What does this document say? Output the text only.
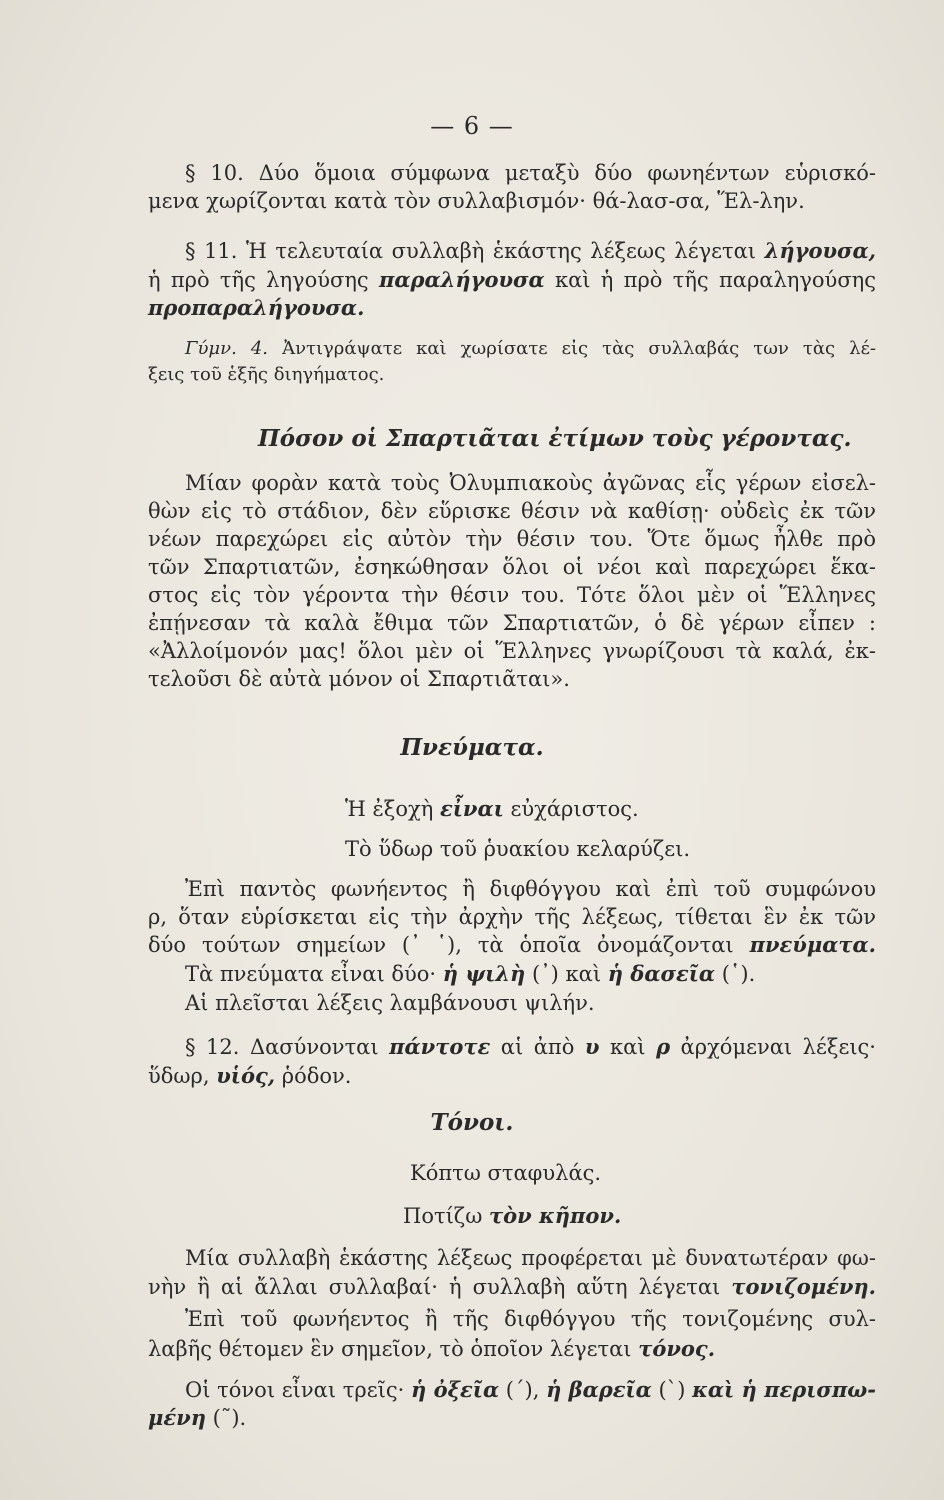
— 6 —
§ 10. Δύο ὅμοια σύμφωνα μεταξὺ δύο φωνηέντων εὑρισκό-
μενα χωρίζονται κατὰ τὸν συλλαβισμόν· θά-λασ-σα, Ἕλ-λην.
§ 11. Ἡ τελευταία συλλαβὴ ἑκάστης λέξεως λέγεται λήγουσα,
ἡ πρὸ τῆς ληγούσης παραλήγουσα καὶ ἡ πρὸ τῆς παραληγούσης
προπαραλήγουσα.
Γύμν. 4. Ἀντιγράψατε καὶ χωρίσατε εἰς τὰς συλλαβάς των τὰς λέ-
ξεις τοῦ ἑξῆς διηγήματος.
Πόσον οἱ Σπαρτιᾶται ἐτίμων τοὺς γέροντας.
Μίαν φορὰν κατὰ τοὺς Ὀλυμπιακοὺς ἀγῶνας εἷς γέρων εἰσελ-
θὼν εἰς τὸ στάδιον, δὲν εὕρισκε θέσιν νὰ καθίσῃ· οὐδεὶς ἐκ τῶν
νέων παρεχώρει εἰς αὐτὸν τὴν θέσιν του. Ὅτε ὅμως ἦλθε πρὸ
τῶν Σπαρτιατῶν, ἐσηκώθησαν ὅλοι οἱ νέοι καὶ παρεχώρει ἕκα-
στος εἰς τὸν γέροντα τὴν θέσιν του. Τότε ὅλοι μὲν οἱ Ἕλληνες
ἐπῄνεσαν τὰ καλὰ ἔθιμα τῶν Σπαρτιατῶν, ὁ δὲ γέρων εἶπεν :
«Ἀλλοίμονόν μας! ὅλοι μὲν οἱ Ἕλληνες γνωρίζουσι τὰ καλά, ἐκ-
τελοῦσι δὲ αὐτὰ μόνον οἱ Σπαρτιᾶται».
Πνεύματα.
Ἡ ἐξοχὴ εἶναι εὐχάριστος.
Τὸ ὕδωρ τοῦ ῥυακίου κελαρύζει.
Ἐπὶ παντὸς φωνήεντος ἢ διφθόγγου καὶ ἐπὶ τοῦ συμφώνου
ρ, ὅταν εὑρίσκεται εἰς τὴν ἀρχὴν τῆς λέξεως, τίθεται ἓν ἐκ τῶν
δύο τούτων σημείων (᾿ ῾), τὰ ὁποῖα ὀνομάζονται πνεύματα.
Τὰ πνεύματα εἶναι δύο· ἡ ψιλὴ (᾿) καὶ ἡ δασεῖα (῾).
Αἱ πλεῖσται λέξεις λαμβάνουσι ψιλήν.
§ 12. Δασύνονται πάντοτε αἱ ἀπὸ υ καὶ ρ ἀρχόμεναι λέξεις·
ὕδωρ, υἱός, ῥόδον.
Τόνοι.
Κόπτω σταφυλάς.
Ποτίζω τὸν κῆπον.
Μία συλλαβὴ ἑκάστης λέξεως προφέρεται μὲ δυνατωτέραν φω-
νὴν ἢ αἱ ἄλλαι συλλαβαί· ἡ συλλαβὴ αὕτη λέγεται τονιζομένη.
Ἐπὶ τοῦ φωνήεντος ἢ τῆς διφθόγγου τῆς τονιζομένης συλ-
λαβῆς θέτομεν ἓν σημεῖον, τὸ ὁποῖον λέγεται τόνος.
Οἱ τόνοι εἶναι τρεῖς· ἡ ὀξεῖα (΄), ἡ βαρεῖα (`) καὶ ἡ περισπω-
μένη (῀).
